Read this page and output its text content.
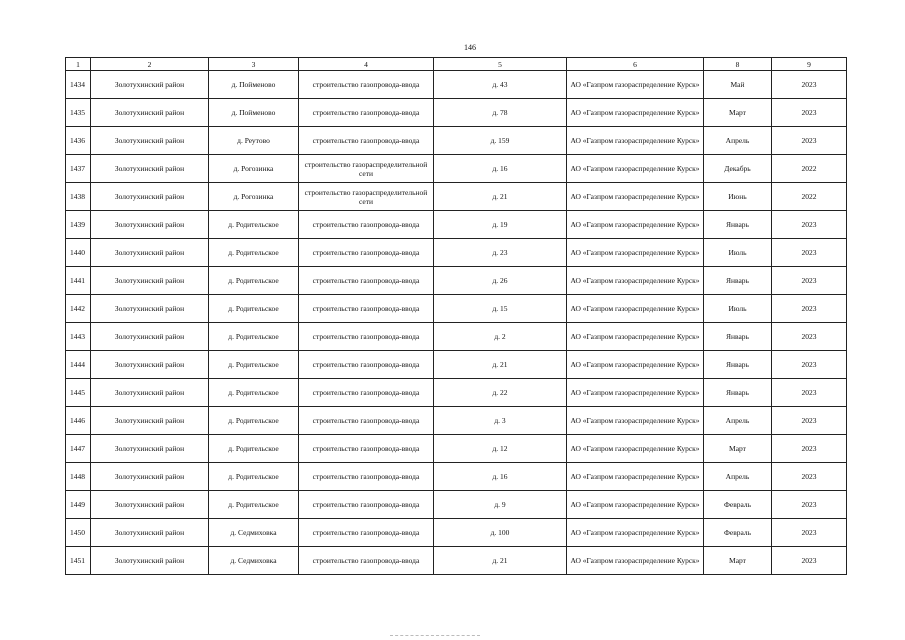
146
1	2	3	4	5	6	8	9
1434	Золотухинский район	д. Пойменово	строительство газопровода-ввода	д. 43	АО «Газпром газораспределение Курск»	Май	2023
1435	Золотухинский район	д. Пойменово	строительство газопровода-ввода	д. 78	АО «Газпром газораспределение Курск»	Март	2023
1436	Золотухинский район	д. Реутово	строительство газопровода-ввода	д. 159	АО «Газпром газораспределение Курск»	Апрель	2023
1437	Золотухинский район	д. Рогозинка	строительство газораспределительной сети	д. 16	АО «Газпром газораспределение Курск»	Декабрь	2022
1438	Золотухинский район	д. Рогозинка	строительство газораспределительной сети	д. 21	АО «Газпром газораспределение Курск»	Июнь	2022
1439	Золотухинский район	д. Родительское	строительство газопровода-ввода	д. 19	АО «Газпром газораспределение Курск»	Январь	2023
1440	Золотухинский район	д. Родительское	строительство газопровода-ввода	д. 23	АО «Газпром газораспределение Курск»	Июль	2023
1441	Золотухинский район	д. Родительское	строительство газопровода-ввода	д. 26	АО «Газпром газораспределение Курск»	Январь	2023
1442	Золотухинский район	д. Родительское	строительство газопровода-ввода	д. 15	АО «Газпром газораспределение Курск»	Июль	2023
1443	Золотухинский район	д. Родительское	строительство газопровода-ввода	д. 2	АО «Газпром газораспределение Курск»	Январь	2023
1444	Золотухинский район	д. Родительское	строительство газопровода-ввода	д. 21	АО «Газпром газораспределение Курск»	Январь	2023
1445	Золотухинский район	д. Родительское	строительство газопровода-ввода	д. 22	АО «Газпром газораспределение Курск»	Январь	2023
1446	Золотухинский район	д. Родительское	строительство газопровода-ввода	д. 3	АО «Газпром газораспределение Курск»	Апрель	2023
1447	Золотухинский район	д. Родительское	строительство газопровода-ввода	д. 12	АО «Газпром газораспределение Курск»	Март	2023
1448	Золотухинский район	д. Родительское	строительство газопровода-ввода	д. 16	АО «Газпром газораспределение Курск»	Апрель	2023
1449	Золотухинский район	д. Родительское	строительство газопровода-ввода	д. 9	АО «Газпром газораспределение Курск»	Февраль	2023
1450	Золотухинский район	д. Седмиховка	строительство газопровода-ввода	д. 100	АО «Газпром газораспределение Курск»	Февраль	2023
1451	Золотухинский район	д. Седмиховка	строительство газопровода-ввода	д. 21	АО «Газпром газораспределение Курск»	Март	2023
